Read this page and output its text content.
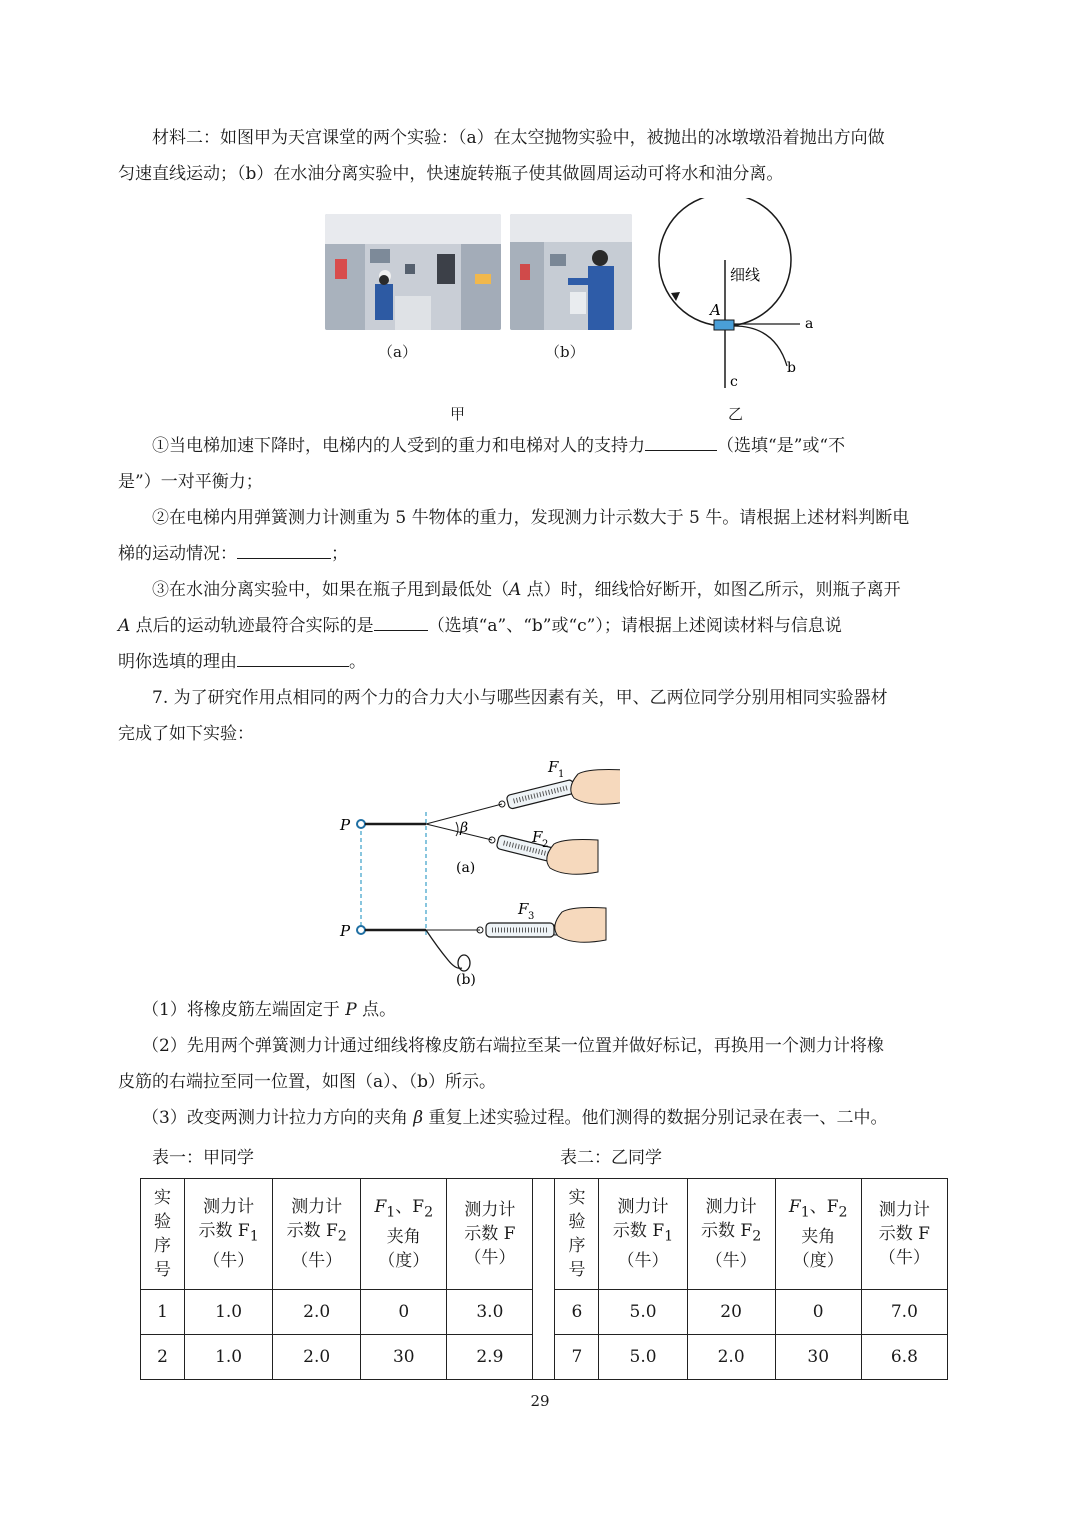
材料二：如图甲为天宫课堂的两个实验：（a）在太空抛物实验中，被抛出的冰墩墩沿着抛出方向做

匀速直线运动；（b）在水油分离实验中，快速旋转瓶子使其做圆周运动可将水和油分离。

（a）	（b）
甲
细线
A
a
b
c
乙

①当电梯加速下降时，电梯内的人受到的重力和电梯对人的支持力	（选填“是”或“不

是”）一对平衡力；

②在电梯内用弹簧测力计测重为 5 牛物体的重力，发现测力计示数大于 5 牛。请根据上述材料判断电

梯的运动情况：	；

③在水油分离实验中，如果在瓶子甩到最低处（A 点）时，细线恰好断开，如图乙所示，则瓶子离开

A 点后的运动轨迹最符合实际的是	（选填“a”、“b”或“c”）；请根据上述阅读材料与信息说

明你选填的理由	。

7. 为了研究作用点相同的两个力的合力大小与哪些因素有关，甲、乙两位同学分别用相同实验器材

完成了如下实验：

P
P
β
F 1
F 2
F 3
(a)
(b)

（1）将橡皮筋左端固定于 P 点。

（2）先用两个弹簧测力计通过细线将橡皮筋右端拉至某一位置并做好标记，再换用一个测力计将橡

皮筋的右端拉至同一位置，如图（a）、（b）所示。

（3）改变两测力计拉力方向的夹角 β 重复上述实验过程。他们测得的数据分别记录在表一、二中。

表一：甲同学	表二：乙同学
实
验
序
号	测力计
示数 $F_1$
（牛）	测力计
示数 $F_2$
（牛）	$F_1$、$F_2$
夹角
（度）	测力计
示数 F
（牛）		实
验
序
号	测力计
示数 $F_1$
（牛）	测力计
示数 $F_2$
（牛）	$F_1$、$F_2$
夹角
（度）	测力计
示数 F
（牛）
1	1.0	2.0	0	3.0		6	5.0	20	0	7.0
2	1.0	2.0	30	2.9		7	5.0	2.0	30	6.8
29
